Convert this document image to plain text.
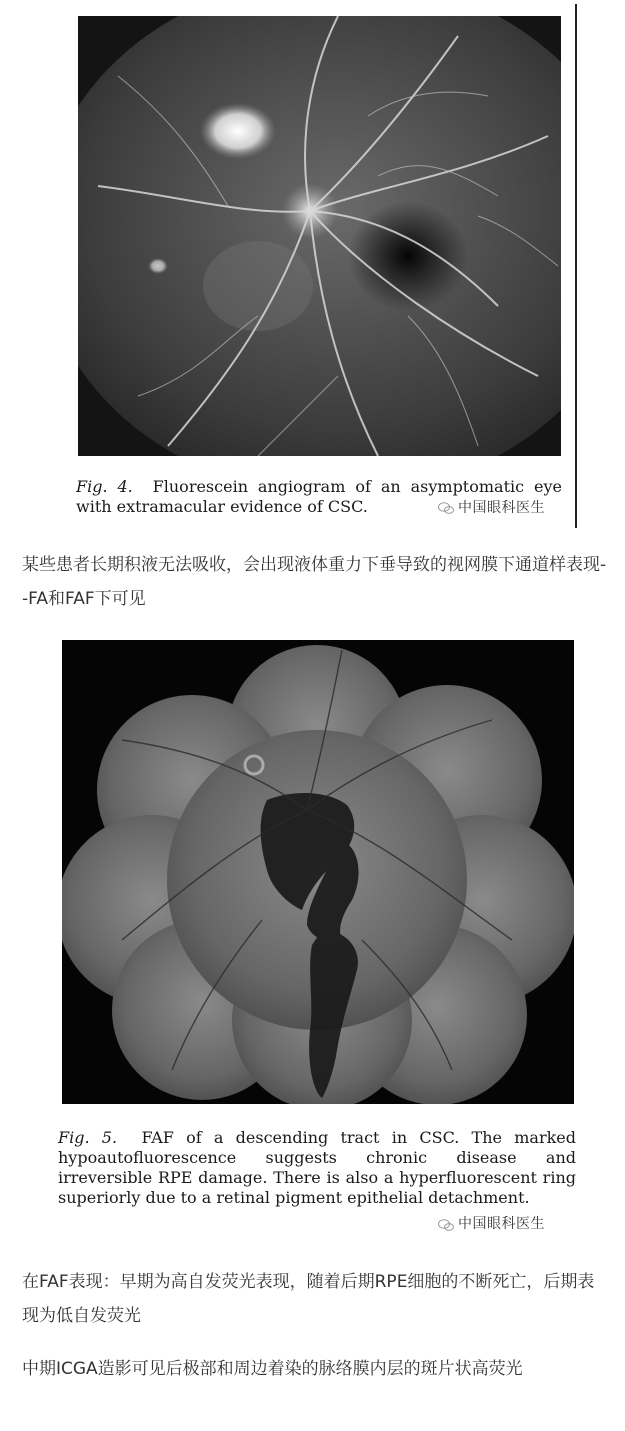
Fig. 4. Fluorescein angiogram of an asymptomatic eye with extramacular evidence of CSC.	中国眼科医生
某些患者长期积液无法吸收，会出现液体重力下垂导致的视网膜下通道样表现--FA和FAF下可见
Fig. 5. FAF of a descending tract in CSC. The marked hypoautofluorescence suggests chronic disease and irreversible RPE damage. There is also a hyperfluorescent ring superiorly due to a retinal pigment epithelial detachment.
中国眼科医生
在FAF表现：早期为高自发荧光表现，随着后期RPE细胞的不断死亡，后期表现为低自发荧光
中期ICGA造影可见后极部和周边着染的脉络膜内层的斑片状高荧光
